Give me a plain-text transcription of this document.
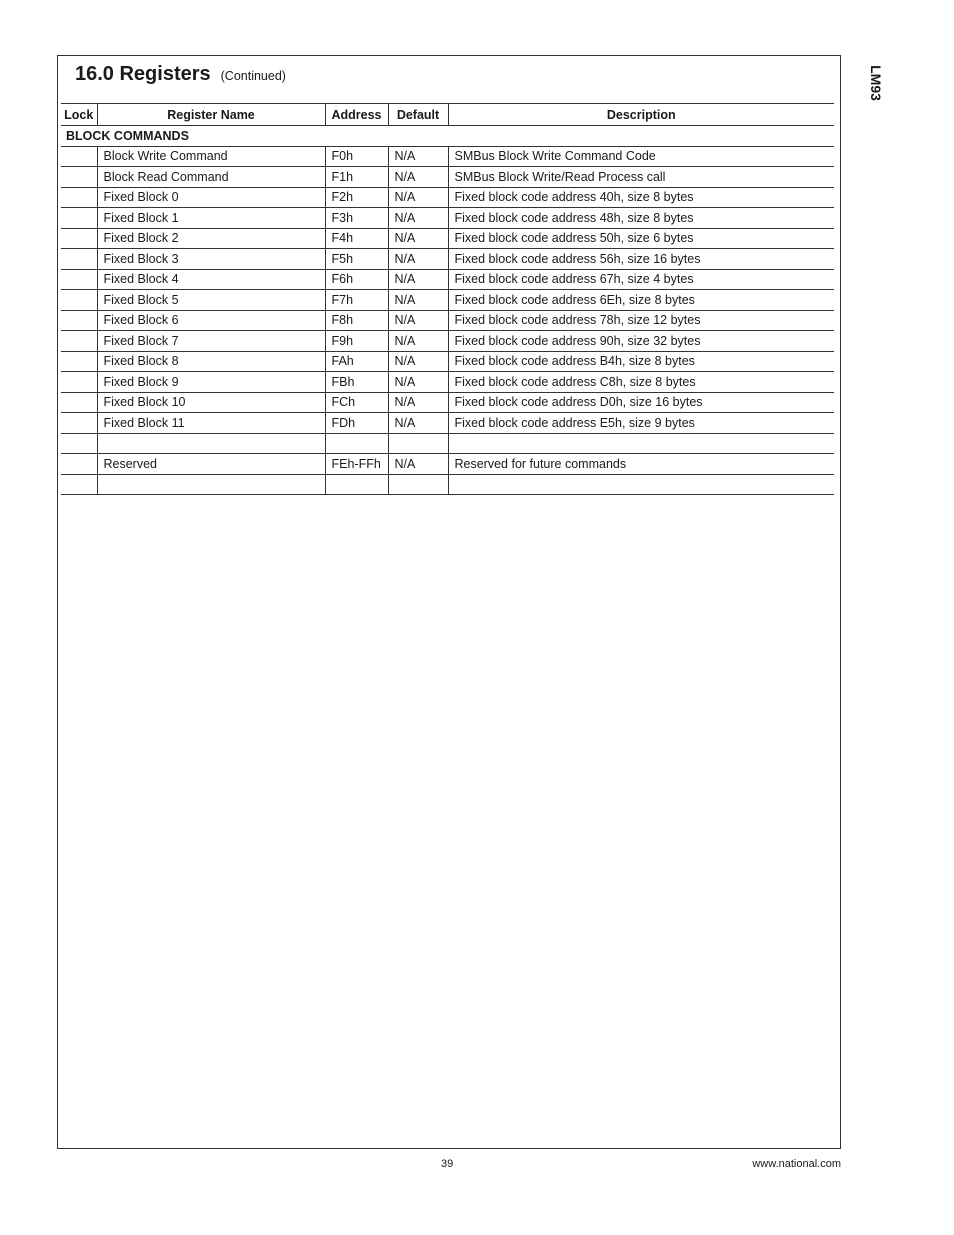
16.0 Registers (Continued)	LM93
Lock	Register Name	Address	Default	Description
BLOCK COMMANDS				
	Block Write Command	F0h	N/A	SMBus Block Write Command Code
	Block Read Command	F1h	N/A	SMBus Block Write/Read Process call
	Fixed Block 0	F2h	N/A	Fixed block code address 40h, size 8 bytes
	Fixed Block 1	F3h	N/A	Fixed block code address 48h, size 8 bytes
	Fixed Block 2	F4h	N/A	Fixed block code address 50h, size 6 bytes
	Fixed Block 3	F5h	N/A	Fixed block code address 56h, size 16 bytes
	Fixed Block 4	F6h	N/A	Fixed block code address 67h, size 4 bytes
	Fixed Block 5	F7h	N/A	Fixed block code address 6Eh, size 8 bytes
	Fixed Block 6	F8h	N/A	Fixed block code address 78h, size 12 bytes
	Fixed Block 7	F9h	N/A	Fixed block code address 90h, size 32 bytes
	Fixed Block 8	FAh	N/A	Fixed block code address B4h, size 8 bytes
	Fixed Block 9	FBh	N/A	Fixed block code address C8h, size 8 bytes
	Fixed Block 10	FCh	N/A	Fixed block code address D0h, size 16 bytes
	Fixed Block 11	FDh	N/A	Fixed block code address E5h, size 9 bytes

	Reserved	FEh-FFh	N/A	Reserved for future commands

39	www.national.com
